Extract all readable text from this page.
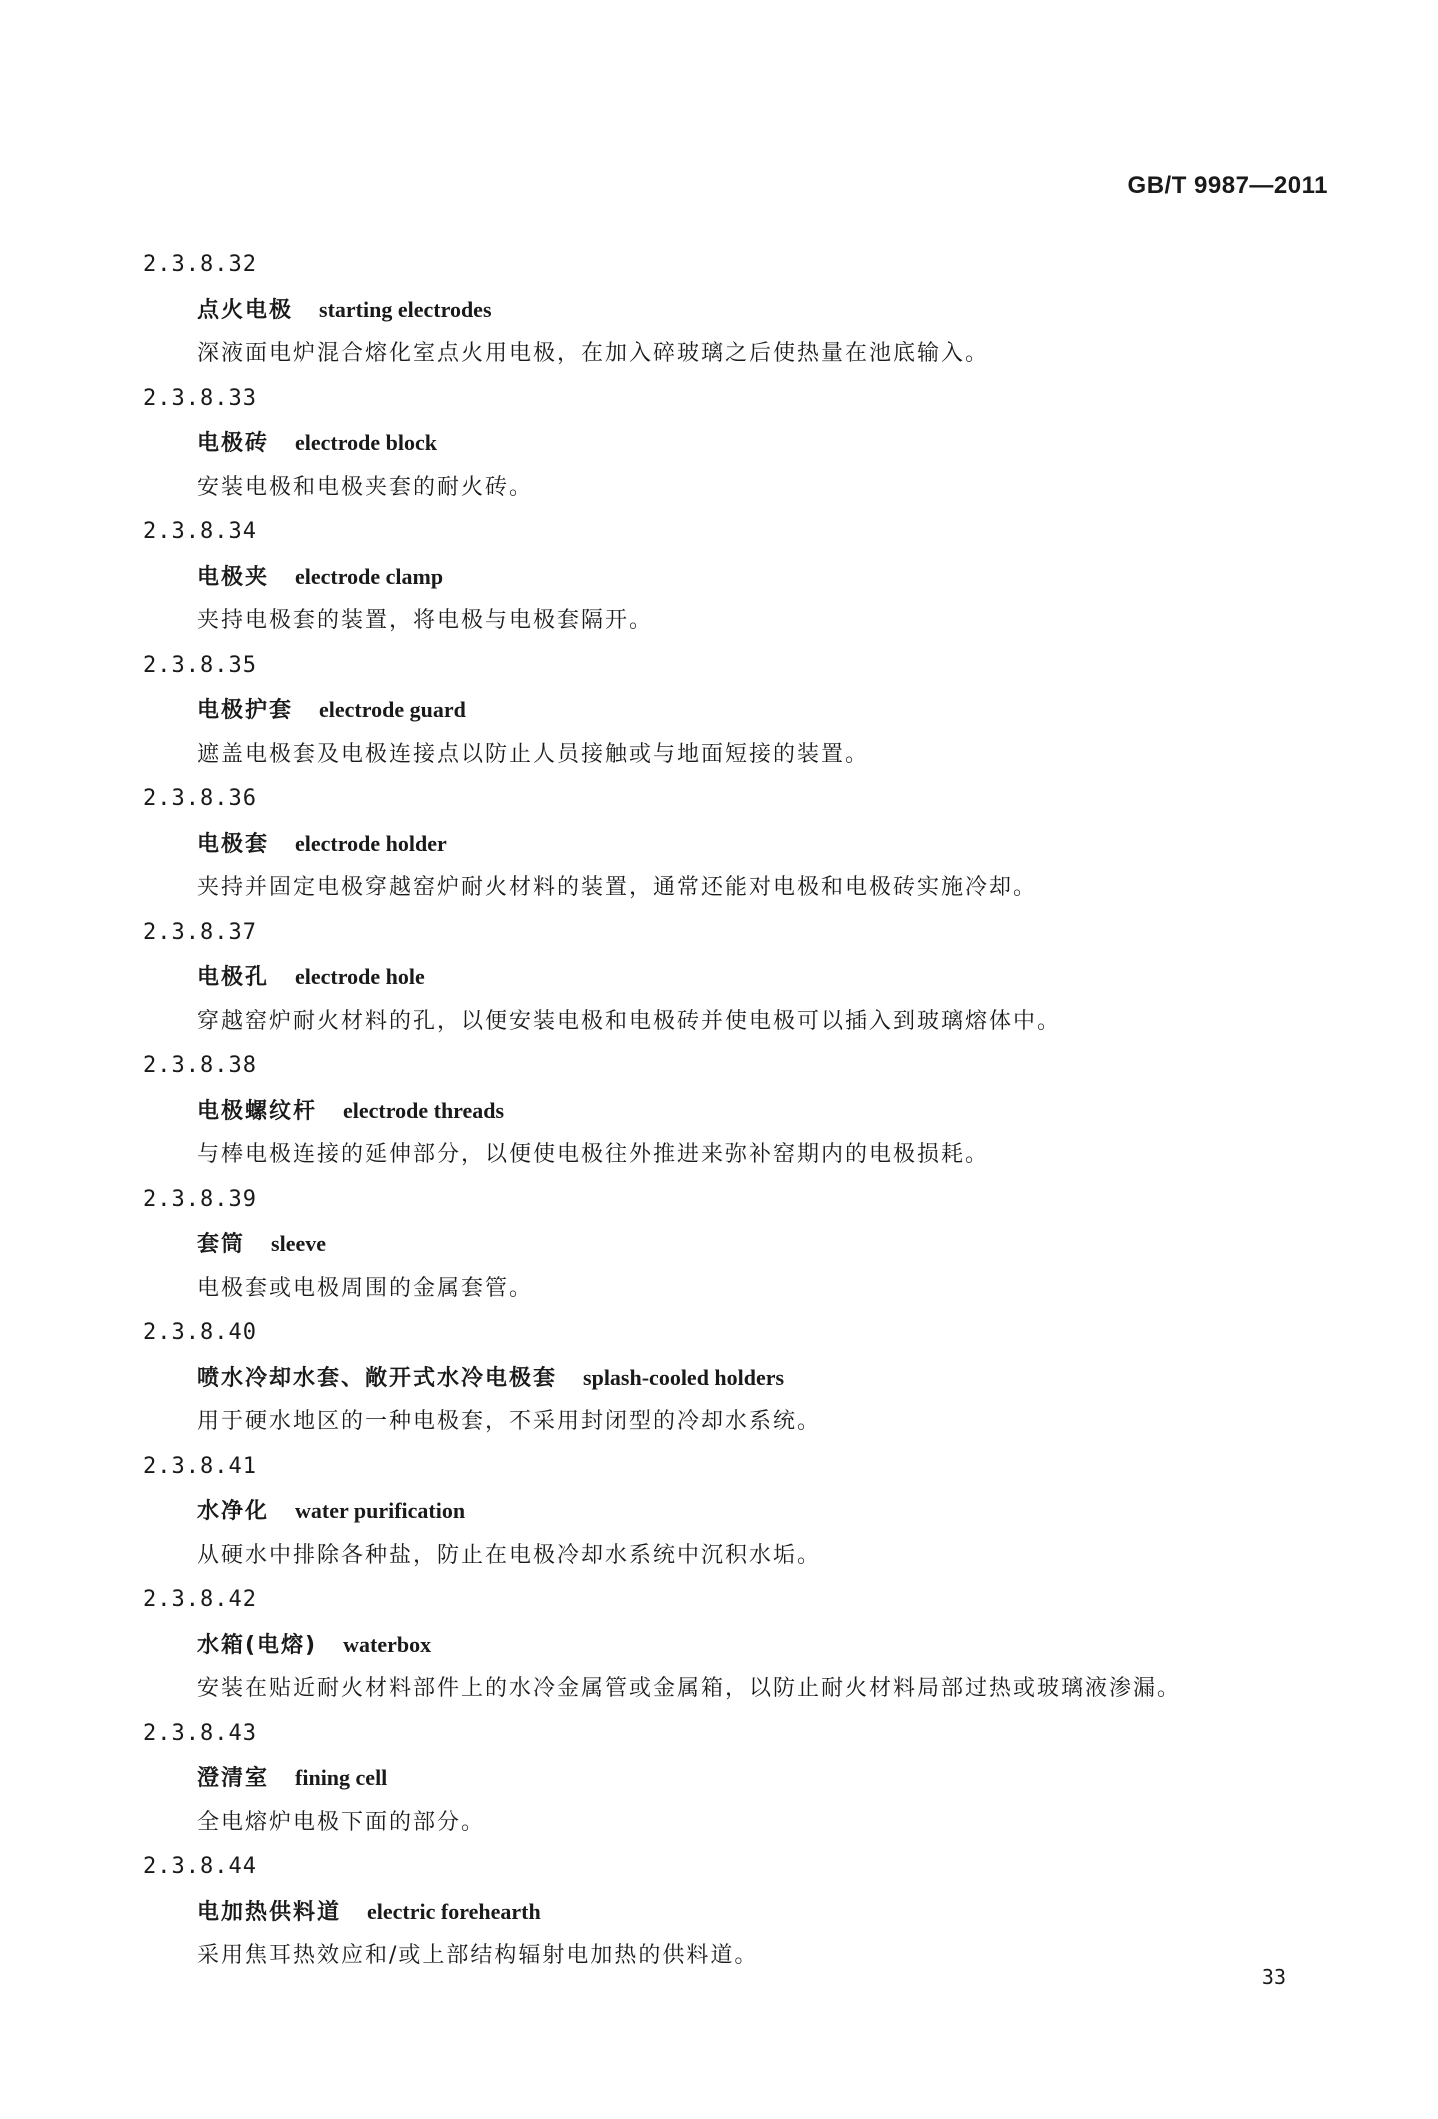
GB/T 9987—2011
2.3.8.32
点火电极 starting electrodes
深液面电炉混合熔化室点火用电极，在加入碎玻璃之后使热量在池底输入。
2.3.8.33
电极砖 electrode block
安装电极和电极夹套的耐火砖。
2.3.8.34
电极夹 electrode clamp
夹持电极套的装置，将电极与电极套隔开。
2.3.8.35
电极护套 electrode guard
遮盖电极套及电极连接点以防止人员接触或与地面短接的装置。
2.3.8.36
电极套 electrode holder
夹持并固定电极穿越窑炉耐火材料的装置，通常还能对电极和电极砖实施冷却。
2.3.8.37
电极孔 electrode hole
穿越窑炉耐火材料的孔，以便安装电极和电极砖并使电极可以插入到玻璃熔体中。
2.3.8.38
电极螺纹杆 electrode threads
与棒电极连接的延伸部分，以便使电极往外推进来弥补窑期内的电极损耗。
2.3.8.39
套筒 sleeve
电极套或电极周围的金属套管。
2.3.8.40
喷水冷却水套、敞开式水冷电极套 splash-cooled holders
用于硬水地区的一种电极套，不采用封闭型的冷却水系统。
2.3.8.41
水净化 water purification
从硬水中排除各种盐，防止在电极冷却水系统中沉积水垢。
2.3.8.42
水箱(电熔) waterbox
安装在贴近耐火材料部件上的水冷金属管或金属箱，以防止耐火材料局部过热或玻璃液渗漏。
2.3.8.43
澄清室 fining cell
全电熔炉电极下面的部分。
2.3.8.44
电加热供料道 electric forehearth
采用焦耳热效应和/或上部结构辐射电加热的供料道。
33
